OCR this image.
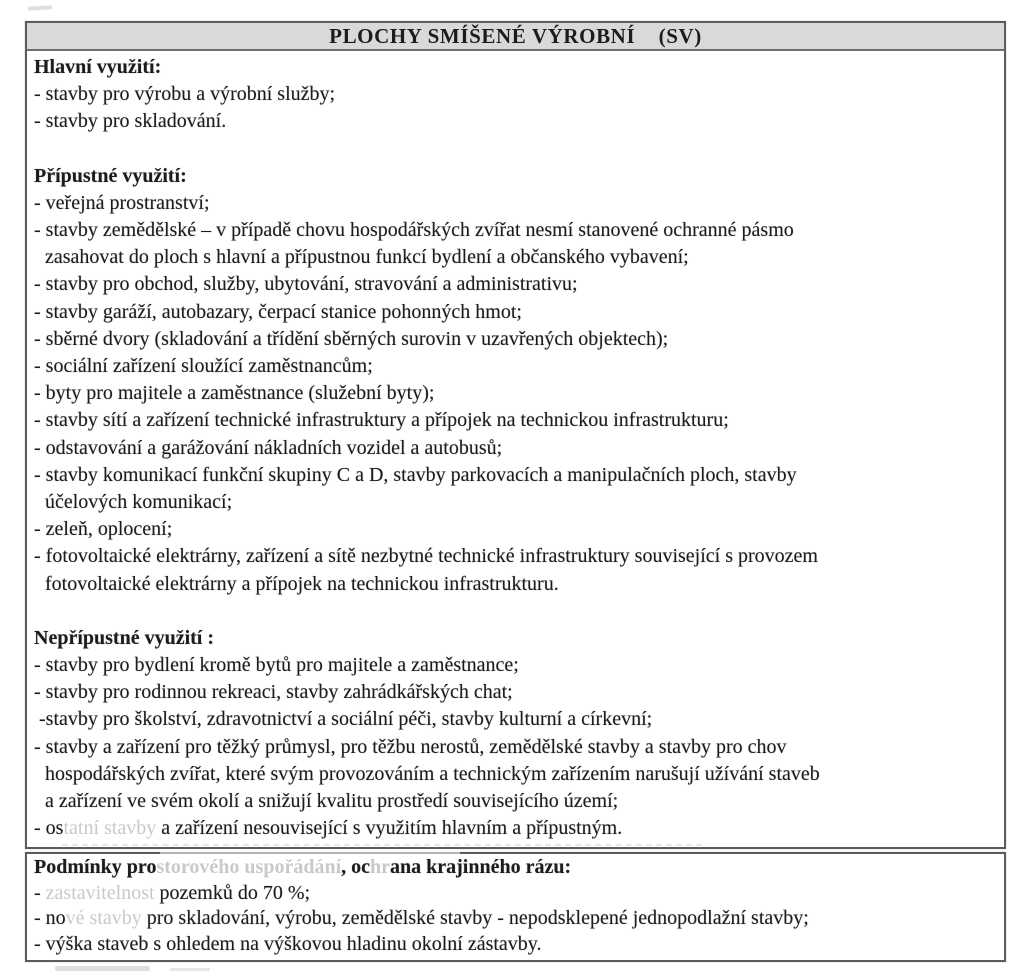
PLOCHY SMÍŠENÉ VÝROBNÍ    (SV)
Hlavní využití:
- stavby pro výrobu a výrobní služby;
- stavby pro skladování.
Přípustné využití:
- veřejná prostranství;
- stavby zemědělské – v případě chovu hospodářských zvířat nesmí stanovené ochranné pásmo
zasahovat do ploch s hlavní a přípustnou funkcí bydlení a občanského vybavení;
- stavby pro obchod, služby, ubytování, stravování a administrativu;
- stavby garáží, autobazary, čerpací stanice pohonných hmot;
- sběrné dvory (skladování a třídění sběrných surovin v uzavřených objektech);
- sociální zařízení sloužící zaměstnancům;
- byty pro majitele a zaměstnance (služební byty);
- stavby sítí a zařízení technické infrastruktury a přípojek na technickou infrastrukturu;
- odstavování a garážování nákladních vozidel a autobusů;
- stavby komunikací funkční skupiny C a D, stavby parkovacích a manipulačních ploch, stavby
účelových komunikací;
- zeleň, oplocení;
- fotovoltaické elektrárny, zařízení a sítě nezbytné technické infrastruktury související s provozem
fotovoltaické elektrárny a přípojek na technickou infrastrukturu.
Nepřípustné využití :
- stavby pro bydlení kromě bytů pro majitele a zaměstnance;
- stavby pro rodinnou rekreaci, stavby zahrádkářských chat;
-stavby pro školství, zdravotnictví a sociální péči, stavby kulturní a církevní;
- stavby a zařízení pro těžký průmysl, pro těžbu nerostů, zemědělské stavby a stavby pro chov
hospodářských zvířat, které svým provozováním a technickým zařízením narušují užívání staveb
a zařízení ve svém okolí a snižují kvalitu prostředí souvisejícího území;
- ostatní stavby a zařízení nesouvisející s využitím hlavním a přípustným.
Podmínky prostorového uspořádání, ochrana krajinného rázu:
- zastavitelnost pozemků do 70 %;
- nové stavby pro skladování, výrobu, zemědělské stavby - nepodsklepené jednopodlažní stavby;
- výška staveb s ohledem na výškovou hladinu okolní zástavby.
